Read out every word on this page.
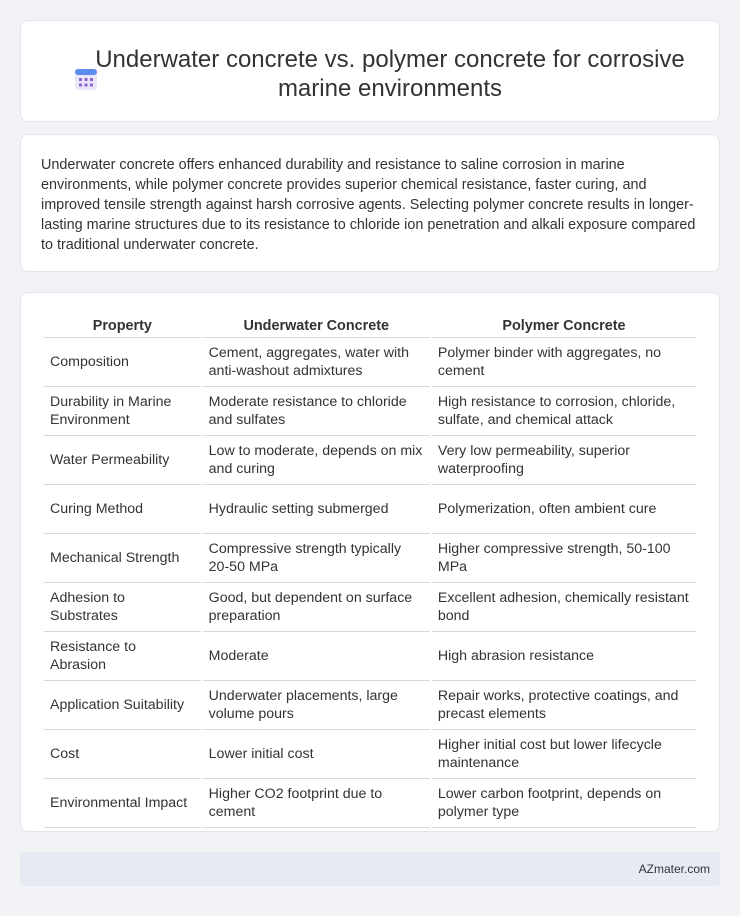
Underwater concrete vs. polymer concrete for corrosive marine environments

Underwater concrete offers enhanced durability and resistance to saline corrosion in marine environments, while polymer concrete provides superior chemical resistance, faster curing, and improved tensile strength against harsh corrosive agents. Selecting polymer concrete results in longer-lasting marine structures due to its resistance to chloride ion penetration and alkali exposure compared to traditional underwater concrete.

Property	Underwater Concrete	Polymer Concrete
Composition	Cement, aggregates, water with anti-washout admixtures	Polymer binder with aggregates, no cement
Durability in Marine Environment	Moderate resistance to chloride and sulfates	High resistance to corrosion, chloride, sulfate, and chemical attack
Water Permeability	Low to moderate, depends on mix and curing	Very low permeability, superior waterproofing
Curing Method	Hydraulic setting submerged	Polymerization, often ambient cure
Mechanical Strength	Compressive strength typically 20-50 MPa	Higher compressive strength, 50-100 MPa
Adhesion to Substrates	Good, but dependent on surface preparation	Excellent adhesion, chemically resistant bond
Resistance to Abrasion	Moderate	High abrasion resistance
Application Suitability	Underwater placements, large volume pours	Repair works, protective coatings, and precast elements
Cost	Lower initial cost	Higher initial cost but lower lifecycle maintenance
Environmental Impact	Higher CO2 footprint due to cement	Lower carbon footprint, depends on polymer type
AZmater.com
